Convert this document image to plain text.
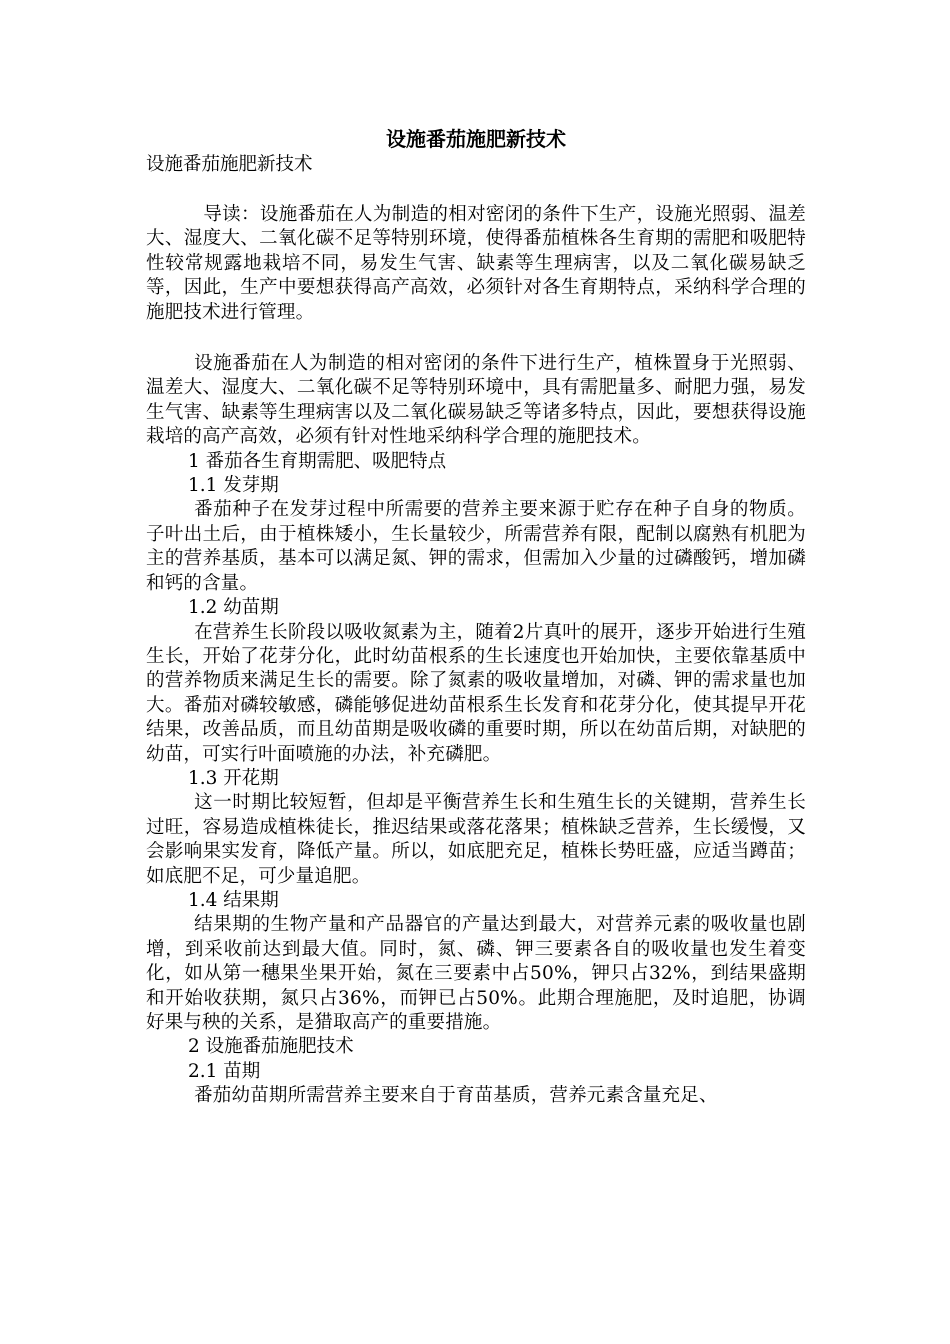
设施番茄施肥新技术

设施番茄施肥新技术

导读：设施番茄在人为制造的相对密闭的条件下生产，设施光照弱、温差大、湿度大、二氧化碳不足等特别环境，使得番茄植株各生育期的需肥和吸肥特性较常规露地栽培不同，易发生气害、缺素等生理病害，以及二氧化碳易缺乏等，因此，生产中要想获得高产高效，必须针对各生育期特点，采纳科学合理的施肥技术进行管理。

设施番茄在人为制造的相对密闭的条件下进行生产，植株置身于光照弱、温差大、湿度大、二氧化碳不足等特别环境中，具有需肥量多、耐肥力强，易发生气害、缺素等生理病害以及二氧化碳易缺乏等诸多特点，因此，要想获得设施栽培的高产高效，必须有针对性地采纳科学合理的施肥技术。

1 番茄各生育期需肥、吸肥特点

1.1 发芽期

番茄种子在发芽过程中所需要的营养主要来源于贮存在种子自身的物质。子叶出土后，由于植株矮小，生长量较少，所需营养有限，配制以腐熟有机肥为主的营养基质，基本可以满足氮、钾的需求，但需加入少量的过磷酸钙，增加磷和钙的含量。

1.2 幼苗期

在营养生长阶段以吸收氮素为主，随着2片真叶的展开，逐步开始进行生殖生长，开始了花芽分化，此时幼苗根系的生长速度也开始加快，主要依靠基质中的营养物质来满足生长的需要。除了氮素的吸收量增加，对磷、钾的需求量也加大。番茄对磷较敏感，磷能够促进幼苗根系生长发育和花芽分化，使其提早开花结果，改善品质，而且幼苗期是吸收磷的重要时期，所以在幼苗后期，对缺肥的幼苗，可实行叶面喷施的办法，补充磷肥。

1.3 开花期

这一时期比较短暂，但却是平衡营养生长和生殖生长的关键期，营养生长过旺，容易造成植株徒长，推迟结果或落花落果；植株缺乏营养，生长缓慢，又会影响果实发育，降低产量。所以，如底肥充足，植株长势旺盛，应适当蹲苗；如底肥不足，可少量追肥。

1.4 结果期

结果期的生物产量和产品器官的产量达到最大，对营养元素的吸收量也剧增，到采收前达到最大值。同时，氮、磷、钾三要素各自的吸收量也发生着变化，如从第一穗果坐果开始，氮在三要素中占50%，钾只占32%，到结果盛期和开始收获期，氮只占36%，而钾已占50%。此期合理施肥，及时追肥，协调好果与秧的关系，是猎取高产的重要措施。

2 设施番茄施肥技术

2.1 苗期

番茄幼苗期所需营养主要来自于育苗基质，营养元素含量充足、
